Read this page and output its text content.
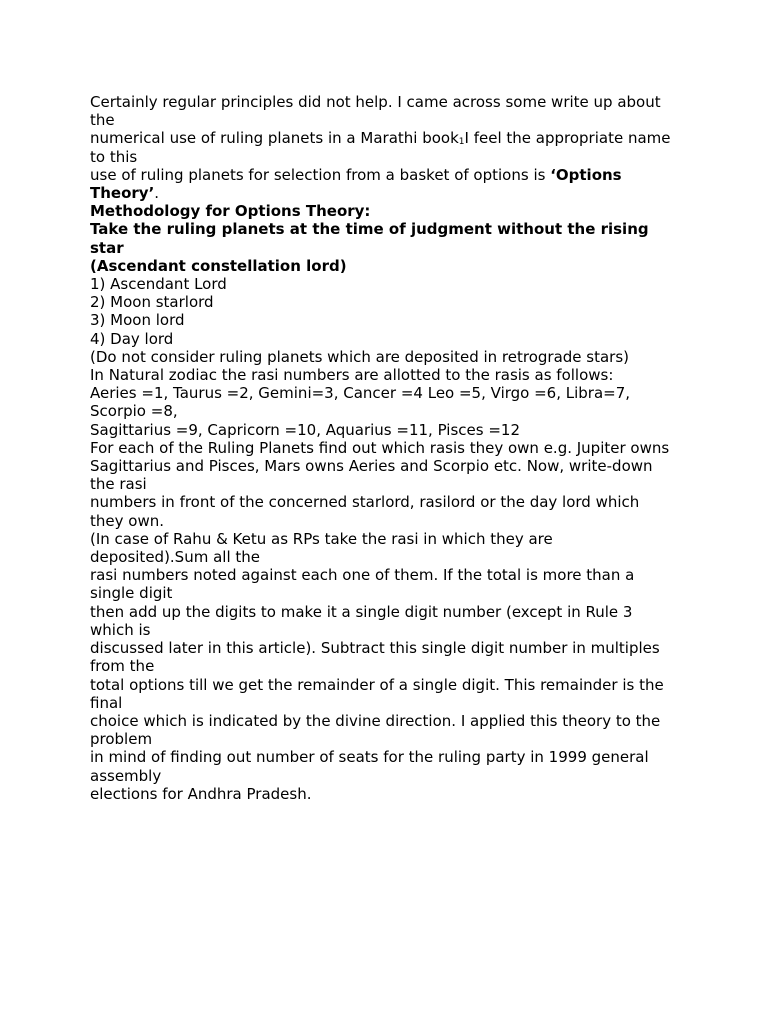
Certainly regular principles did not help. I came across some write up about
the
numerical use of ruling planets in a Marathi book$_1$I feel the appropriate name
to this
use of ruling planets for selection from a basket of options is ‘Options
Theory’.
Methodology for Options Theory:
Take the ruling planets at the time of judgment without the rising
star
(Ascendant constellation lord)
1) Ascendant Lord
2) Moon starlord
3) Moon lord
4) Day lord
(Do not consider ruling planets which are deposited in retrograde stars)
In Natural zodiac the rasi numbers are allotted to the rasis as follows:
Aeries =1, Taurus =2, Gemini=3, Cancer =4 Leo =5, Virgo =6, Libra=7,
Scorpio =8,
Sagittarius =9, Capricorn =10, Aquarius =11, Pisces =12
For each of the Ruling Planets find out which rasis they own e.g. Jupiter owns
Sagittarius and Pisces, Mars owns Aeries and Scorpio etc. Now, write-down
the rasi
numbers in front of the concerned starlord, rasilord or the day lord which
they own.
(In case of Rahu & Ketu as RPs take the rasi in which they are
deposited).Sum all the
rasi numbers noted against each one of them. If the total is more than a
single digit
then add up the digits to make it a single digit number (except in Rule 3
which is
discussed later in this article). Subtract this single digit number in multiples
from the
total options till we get the remainder of a single digit. This remainder is the
final
choice which is indicated by the divine direction. I applied this theory to the
problem
in mind of finding out number of seats for the ruling party in 1999 general
assembly
elections for Andhra Pradesh.
